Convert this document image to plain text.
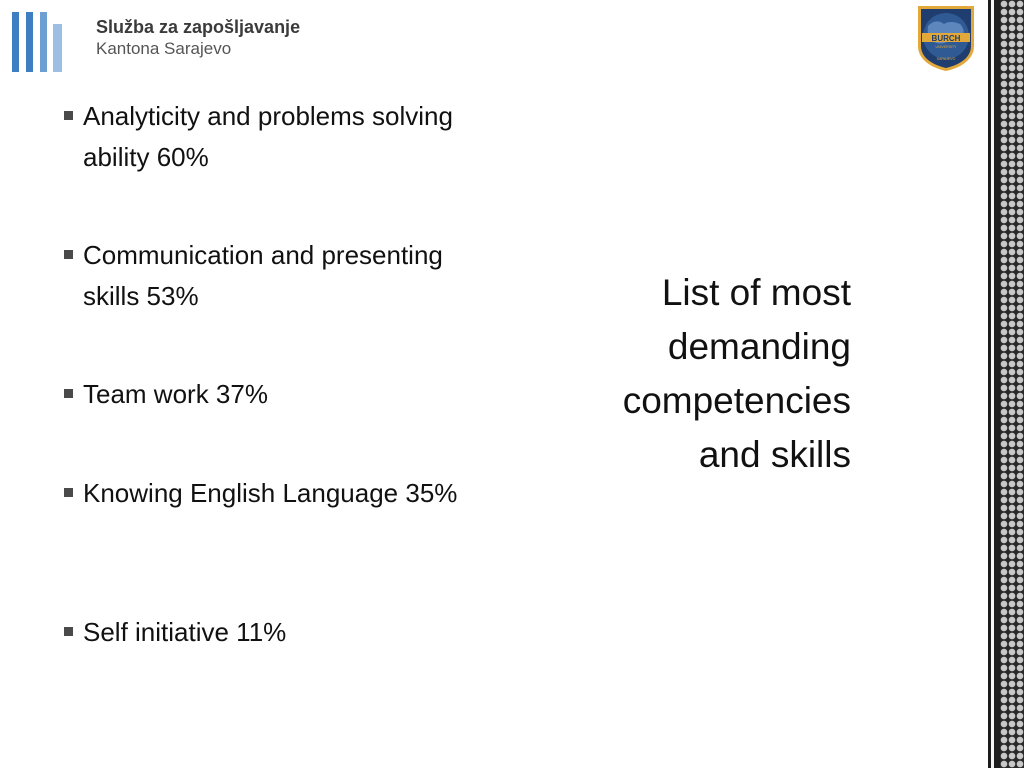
Služba za zapošljavanje
Kantona Sarajevo
BURCH
UNIVERSITY
SARAJEVO
Analyticity and problems solving ability 60%
Communication and presenting skills 53%
Team work 37%
Knowing English Language 35%
Self initiative 11%
List of most demanding competencies and skills
